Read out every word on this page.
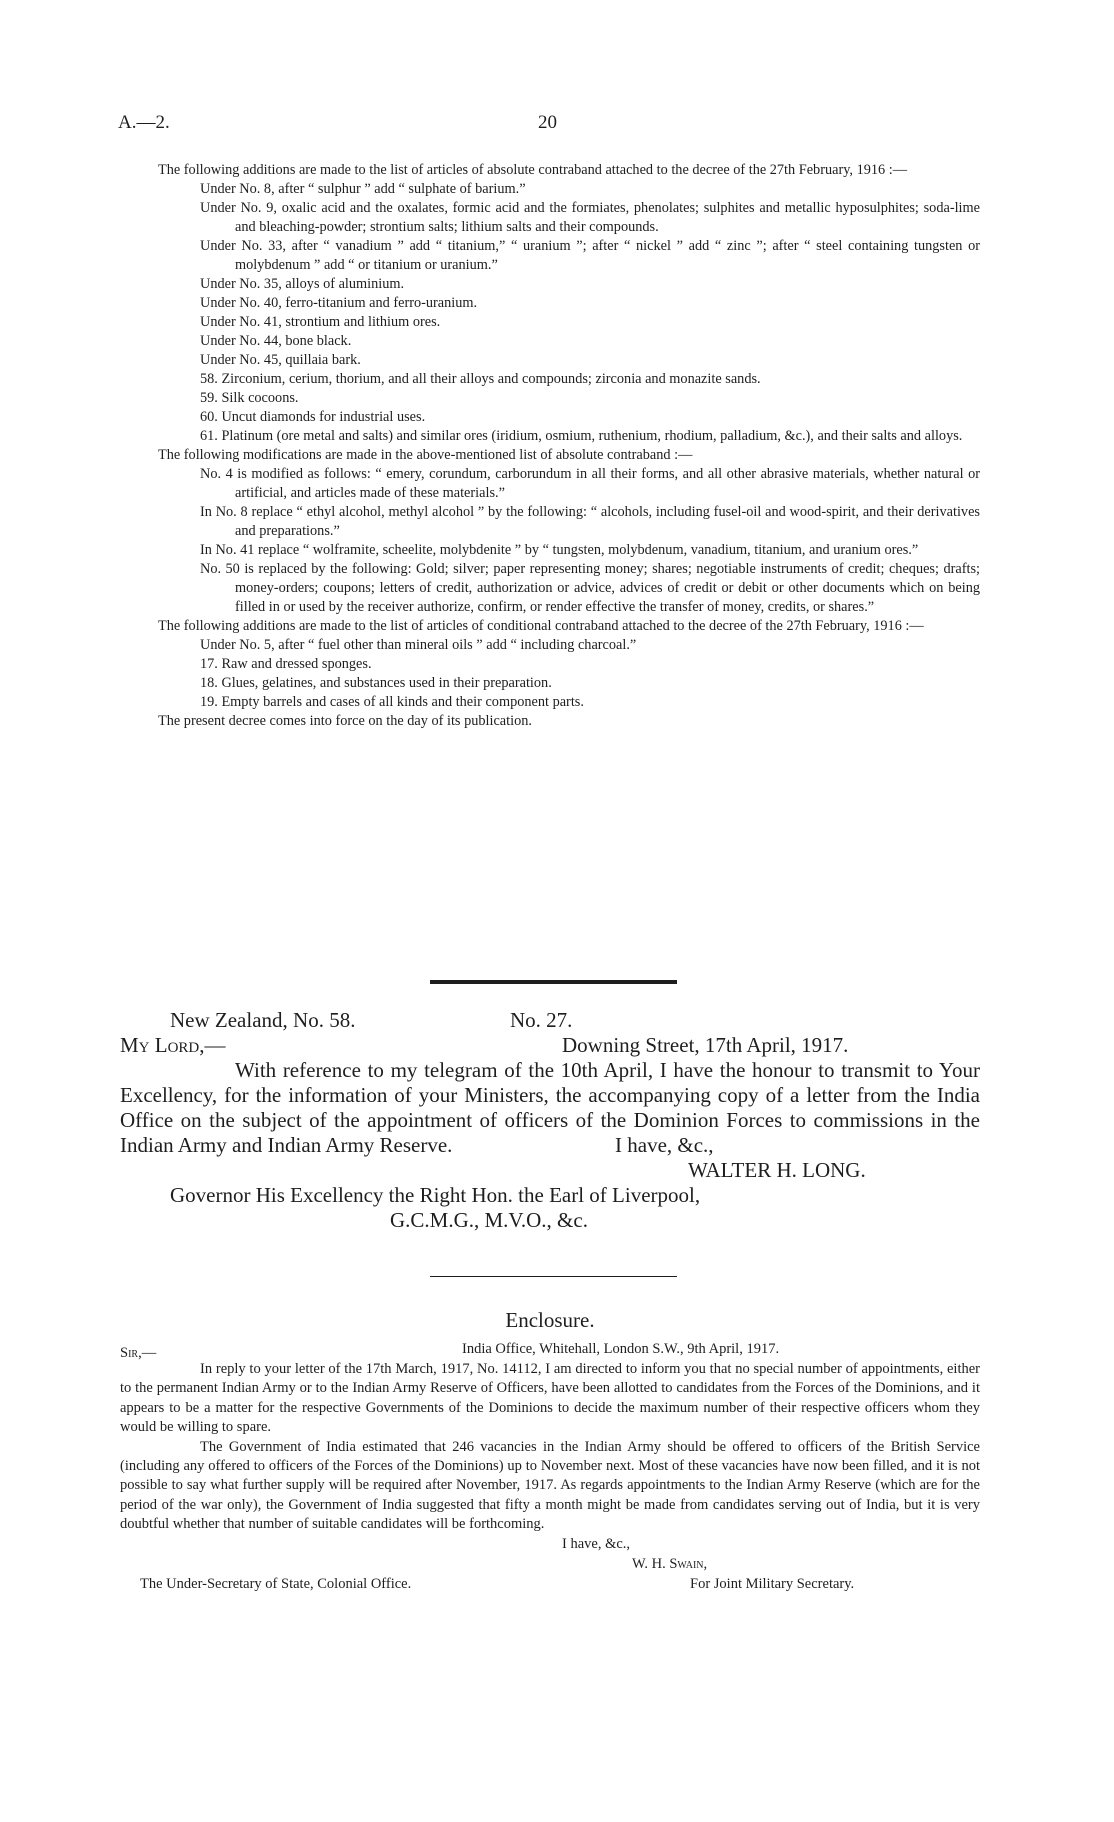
A.—2.	20

The following additions are made to the list of articles of absolute contraband attached to the decree of the 27th February, 1916 :—

Under No. 8, after “ sulphur ” add “ sulphate of barium.”

Under No. 9, oxalic acid and the oxalates, formic acid and the formiates, phenolates; sulphites and metallic hyposulphites; soda-lime and bleaching-powder; strontium salts; lithium salts and their compounds.

Under No. 33, after “ vanadium ” add “ titanium,” “ uranium ”; after “ nickel ” add “ zinc ”; after “ steel containing tungsten or molybdenum ” add “ or titanium or uranium.”

Under No. 35, alloys of aluminium.

Under No. 40, ferro-titanium and ferro-uranium.

Under No. 41, strontium and lithium ores.

Under No. 44, bone black.

Under No. 45, quillaia bark.

58. Zirconium, cerium, thorium, and all their alloys and compounds; zirconia and monazite sands.

59. Silk cocoons.

60. Uncut diamonds for industrial uses.

61. Platinum (ore metal and salts) and similar ores (iridium, osmium, ruthenium, rhodium, palladium, &c.), and their salts and alloys.

The following modifications are made in the above-mentioned list of absolute contraband :—

No. 4 is modified as follows: “ emery, corundum, carborundum in all their forms, and all other abrasive materials, whether natural or artificial, and articles made of these materials.”

In No. 8 replace “ ethyl alcohol, methyl alcohol ” by the following: “ alcohols, including fusel-oil and wood-spirit, and their derivatives and preparations.”

In No. 41 replace “ wolframite, scheelite, molybdenite ” by “ tungsten, molybdenum, vanadium, titanium, and uranium ores.”

No. 50 is replaced by the following: Gold; silver; paper representing money; shares; negotiable instruments of credit; cheques; drafts; money-orders; coupons; letters of credit, authorization or advice, advices of credit or debit or other documents which on being filled in or used by the receiver authorize, confirm, or render effective the transfer of money, credits, or shares.”

The following additions are made to the list of articles of conditional contraband attached to the decree of the 27th February, 1916 :—

Under No. 5, after “ fuel other than mineral oils ” add “ including charcoal.”

17. Raw and dressed sponges.

18. Glues, gelatines, and substances used in their preparation.

19. Empty barrels and cases of all kinds and their component parts.

The present decree comes into force on the day of its publication.

New Zealand, No. 58.	No. 27.
My Lord,—	Downing Street, 17th April, 1917.

With reference to my telegram of the 10th April, I have the honour to transmit to Your Excellency, for the information of your Ministers, the accompanying copy of a letter from the India Office on the subject of the appointment of officers of the Dominion Forces to commissions in the Indian Army and Indian Army Reserve.	I have, &c.,
WALTER H. LONG.
Governor His Excellency the Right Hon. the Earl of Liverpool,
G.C.M.G., M.V.O., &c.
Enclosure.
Sir,—	India Office, Whitehall, London S.W., 9th April, 1917.

In reply to your letter of the 17th March, 1917, No. 14112, I am directed to inform you that no special number of appointments, either to the permanent Indian Army or to the Indian Army Reserve of Officers, have been allotted to candidates from the Forces of the Dominions, and it appears to be a matter for the respective Governments of the Dominions to decide the maximum number of their respective officers whom they would be willing to spare.

The Government of India estimated that 246 vacancies in the Indian Army should be offered to officers of the British Service (including any offered to officers of the Forces of the Dominions) up to November next. Most of these vacancies have now been filled, and it is not possible to say what further supply will be required after November, 1917. As regards appointments to the Indian Army Reserve (which are for the period of the war only), the Government of India suggested that fifty a month might be made from candidates serving out of India, but it is very doubtful whether that number of suitable candidates will be forthcoming.

I have, &c.,
W. H. Swain,
The Under-Secretary of State, Colonial Office.	For Joint Military Secretary.
